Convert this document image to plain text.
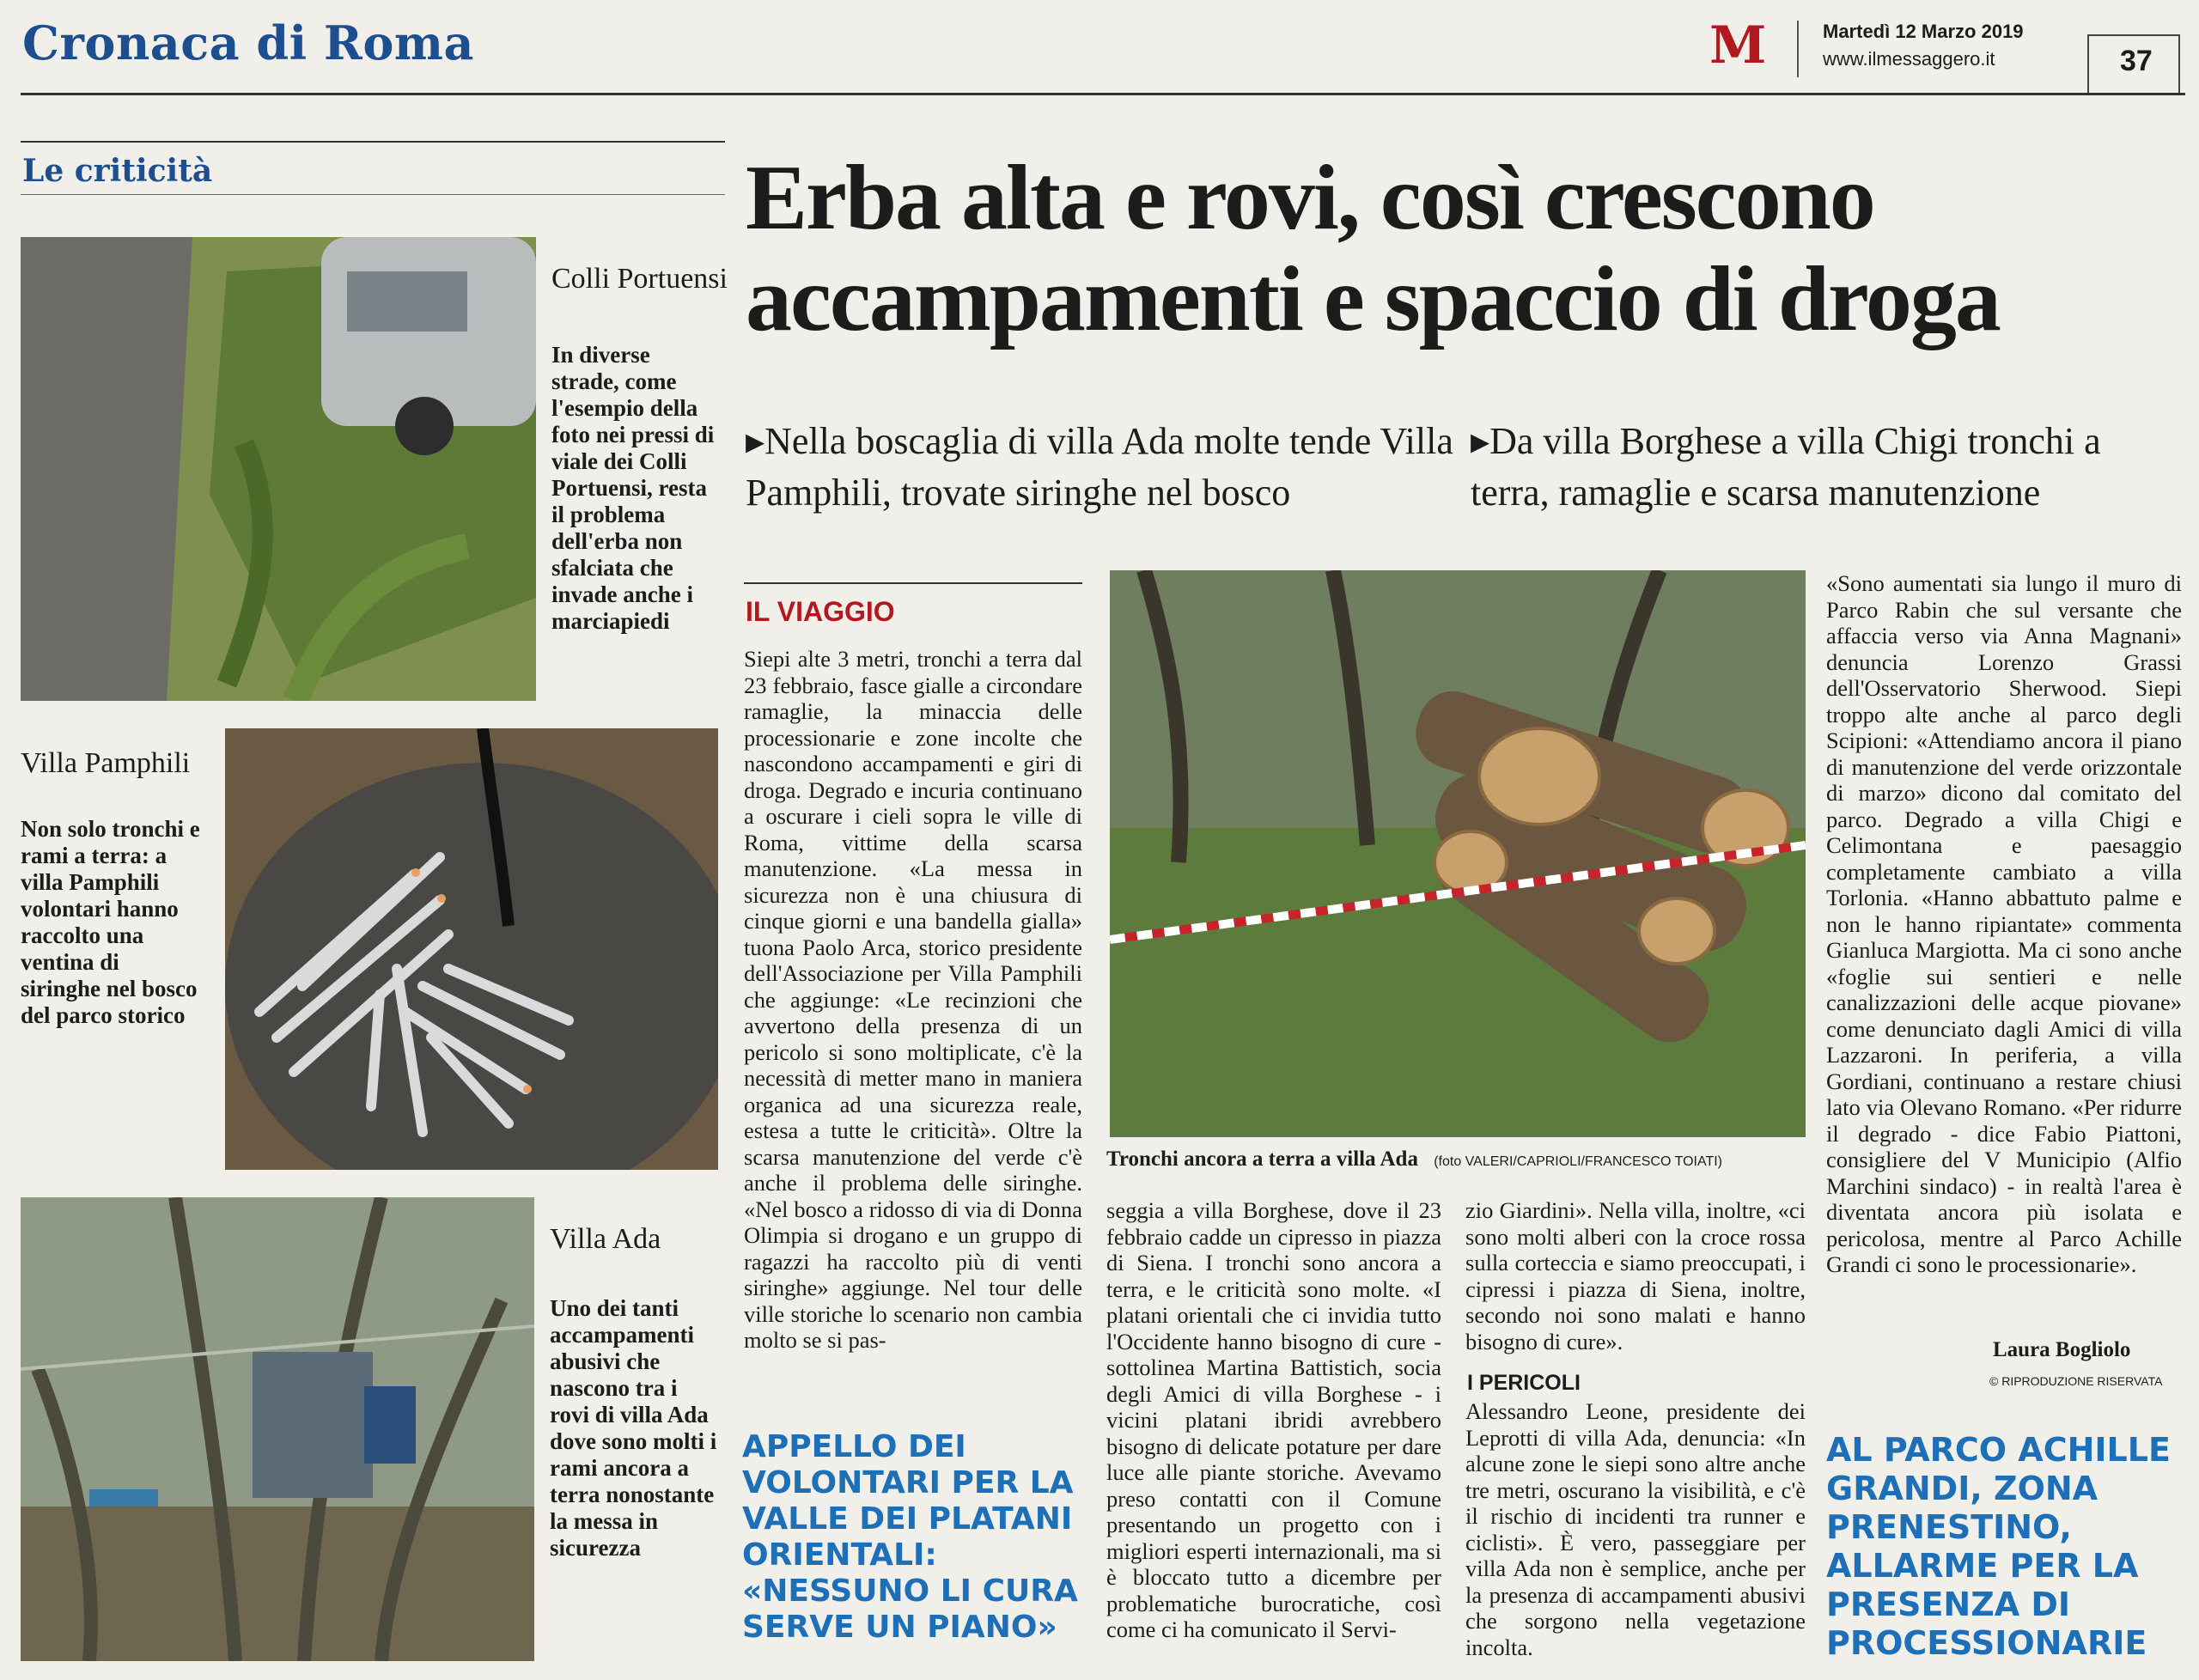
Cronaca di Roma	M	Martedì 12 Marzo 2019
www.ilmessaggero.it	37
Le criticità
Colli Portuensi
In diverse strade, come l'esempio della foto nei pressi di viale dei Colli Portuensi, resta il problema dell'erba non sfalciata che invade anche i marciapiedi
Villa Pamphili
Non solo tronchi e rami a terra: a villa Pamphili volontari hanno raccolto una ventina di siringhe nel bosco del parco storico
Villa Ada
Uno dei tanti accampamenti abusivi che nascono tra i rovi di villa Ada dove sono molti i rami ancora a terra nonostante la messa in sicurezza
Erba alta e rovi, così crescono accampamenti e spaccio di droga
▸Nella boscaglia di villa Ada molte tende Villa Pamphili, trovate siringhe nel bosco
▸Da villa Borghese a villa Chigi tronchi a terra, ramaglie e scarsa manutenzione
IL VIAGGIO
Siepi alte 3 metri, tronchi a terra dal 23 febbraio, fasce gialle a circondare ramaglie, la minaccia delle processionarie e zone incolte che nascondono accampamenti e giri di droga. Degrado e incuria continuano a oscurare i cieli sopra le ville di Roma, vittime della scarsa manutenzione. «La messa in sicurezza non è una chiusura di cinque giorni e una bandella gialla» tuona Paolo Arca, storico presidente dell'Associazione per Villa Pamphili che aggiunge: «Le recinzioni che avvertono della presenza di un pericolo si sono moltiplicate, c'è la necessità di metter mano in maniera organica ad una sicurezza reale, estesa a tutte le criticità». Oltre la scarsa manutenzione del verde c'è anche il problema delle siringhe. «Nel bosco a ridosso di via di Donna Olimpia si drogano e un gruppo di ragazzi ha raccolto più di venti siringhe» aggiunge. Nel tour delle ville storiche lo scenario non cambia molto se si pas-
Tronchi ancora a terra a villa Ada (foto VALERI/CAPRIOLI/FRANCESCO TOIATI)
seggia a villa Borghese, dove il 23 febbraio cadde un cipresso in piazza di Siena. I tronchi sono ancora a terra, e le criticità sono molte. «I platani orientali che ci invidia tutto l'Occidente hanno bisogno di cure - sottolinea Martina Battistich, socia degli Amici di villa Borghese - i vicini platani ibridi avrebbero bisogno di delicate potature per dare luce alle piante storiche. Avevamo preso contatti con il Comune presentando un progetto con i migliori esperti internazionali, ma si è bloccato tutto a dicembre per problematiche burocratiche, così come ci ha comunicato il Servi-
zio Giardini». Nella villa, inoltre, «ci sono molti alberi con la croce rossa sulla corteccia e siamo preoccupati, i cipressi i piazza di Siena, inoltre, secondo noi sono malati e hanno bisogno di cure».
I PERICOLI
Alessandro Leone, presidente dei Leprotti di villa Ada, denuncia: «In alcune zone le siepi sono altre anche tre metri, oscurano la visibilità, e c'è il rischio di incidenti tra runner e ciclisti». È vero, passeggiare per villa Ada non è semplice, anche per la presenza di accampamenti abusivi che sorgono nella vegetazione incolta.
«Sono aumentati sia lungo il muro di Parco Rabin che sul versante che affaccia verso via Anna Magnani» denuncia Lorenzo Grassi dell'Osservatorio Sherwood. Siepi troppo alte anche al parco degli Scipioni: «Attendiamo ancora il piano di manutenzione del verde orizzontale di marzo» dicono dal comitato del parco. Degrado a villa Chigi e Celimontana e paesaggio completamente cambiato a villa Torlonia. «Hanno abbattuto palme e non le hanno ripiantate» commenta Gianluca Margiotta. Ma ci sono anche «foglie sui sentieri e nelle canalizzazioni delle acque piovane» come denunciato dagli Amici di villa Lazzaroni. In periferia, a villa Gordiani, continuano a restare chiusi lato via Olevano Romano. «Per ridurre il degrado - dice Fabio Piattoni, consigliere del V Municipio (Alfio Marchini sindaco) - in realtà l'area è diventata ancora più isolata e pericolosa, mentre al Parco Achille Grandi ci sono le processionarie».
Laura Bogliolo
© RIPRODUZIONE RISERVATA
APPELLO DEI VOLONTARI PER LA VALLE DEI PLATANI ORIENTALI: «NESSUNO LI CURA SERVE UN PIANO»
AL PARCO ACHILLE GRANDI, ZONA PRENESTINO, ALLARME PER LA PRESENZA DI PROCESSIONARIE
